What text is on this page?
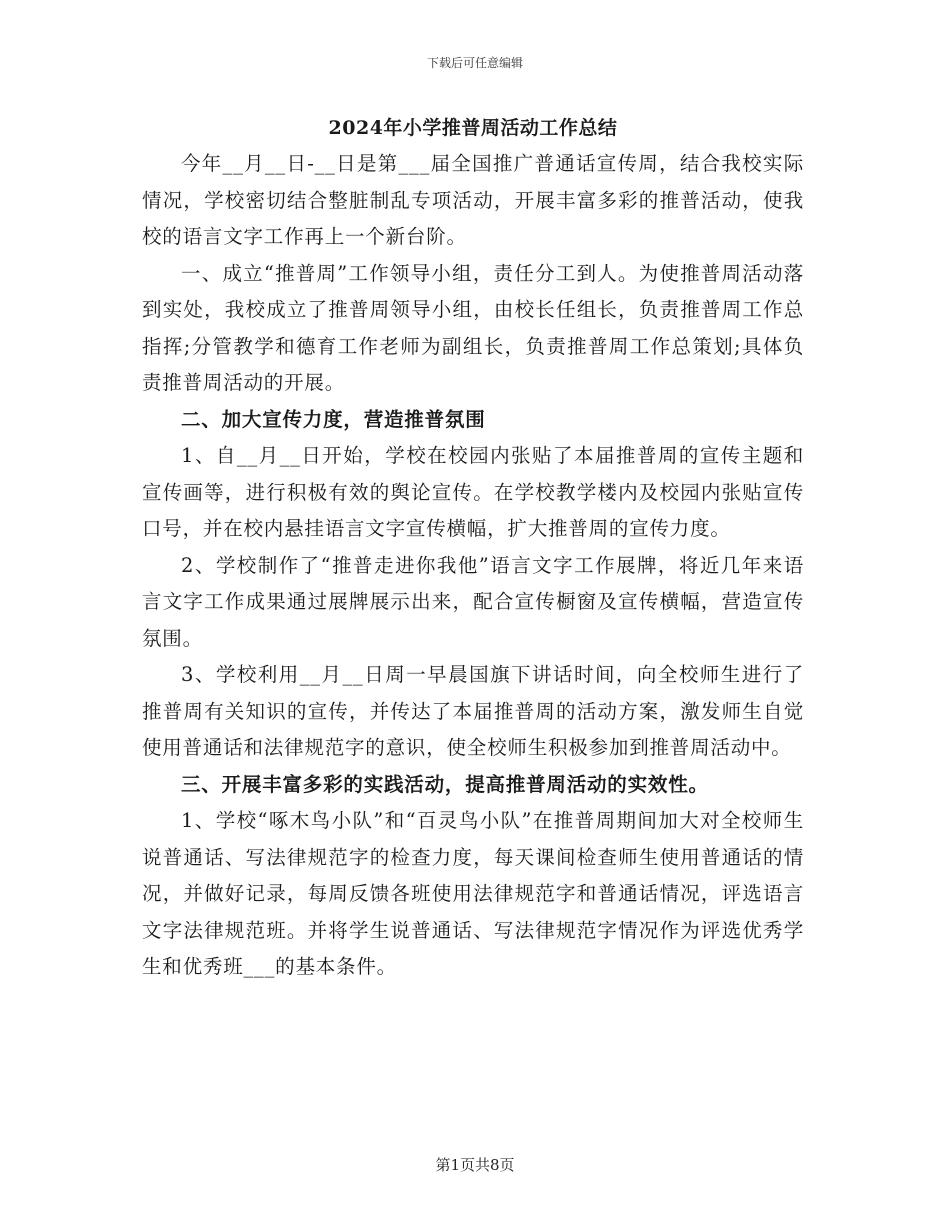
下载后可任意编辑
2024年小学推普周活动工作总结

今年__月__日-__日是第___届全国推广普通话宣传周，结合我校实际情况，学校密切结合整脏制乱专项活动，开展丰富多彩的推普活动，使我校的语言文字工作再上一个新台阶。

一、成立“推普周”工作领导小组，责任分工到人。为使推普周活动落到实处，我校成立了推普周领导小组，由校长任组长，负责推普周工作总指挥;分管教学和德育工作老师为副组长，负责推普周工作总策划;具体负责推普周活动的开展。

二、加大宣传力度，营造推普氛围

1、自__月__日开始，学校在校园内张贴了本届推普周的宣传主题和宣传画等，进行积极有效的舆论宣传。在学校教学楼内及校园内张贴宣传口号，并在校内悬挂语言文字宣传横幅，扩大推普周的宣传力度。

2、学校制作了“推普走进你我他”语言文字工作展牌，将近几年来语言文字工作成果通过展牌展示出来，配合宣传橱窗及宣传横幅，营造宣传氛围。

3、学校利用__月__日周一早晨国旗下讲话时间，向全校师生进行了推普周有关知识的宣传，并传达了本届推普周的活动方案，激发师生自觉使用普通话和法律规范字的意识，使全校师生积极参加到推普周活动中。

三、开展丰富多彩的实践活动，提高推普周活动的实效性。

1、学校“啄木鸟小队”和“百灵鸟小队”在推普周期间加大对全校师生说普通话、写法律规范字的检查力度，每天课间检查师生使用普通话的情况，并做好记录，每周反馈各班使用法律规范字和普通话情况，评选语言文字法律规范班。并将学生说普通话、写法律规范字情况作为评选优秀学生和优秀班___的基本条件。

第1页共8页
